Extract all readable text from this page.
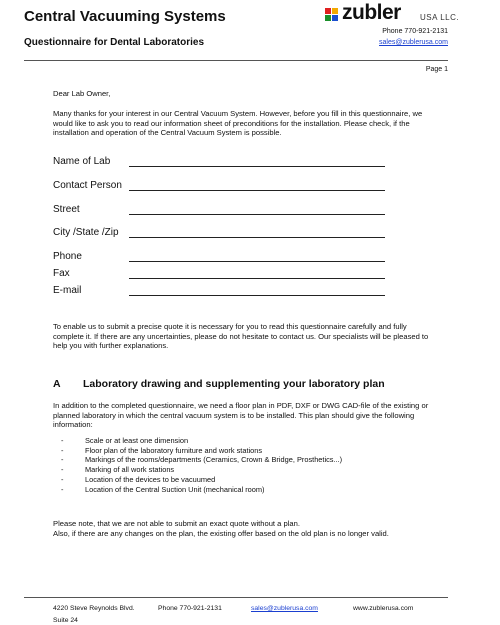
Central Vacuuming Systems
Questionnaire for Dental Laboratories
zubler USA LLC.
Phone 770-921-2131
sales@zublerusa.com
Page 1
Dear Lab Owner,
Many thanks for your interest in our Central Vacuum System. However, before you fill in this questionnaire, we would like to ask you to read our information sheet of preconditions for the installation. Please check, if the installation and operation of the Central Vacuum System is possible.
Name of Lab
Contact Person
Street
City /State /Zip
Phone
Fax
E-mail
To enable us to submit a precise quote it is necessary for you to read this questionnaire carefully and fully complete it. If there are any uncertainties, please do not hesitate to contact us. Our specialists will be pleased to help you with further explanations.
A Laboratory drawing and supplementing your laboratory plan
In addition to the completed questionnaire, we need a floor plan in PDF, DXF or DWG CAD-file of the existing or planned laboratory in which the central vacuum system is to be installed. This plan should give the following information:
-	Scale or at least one dimension
-	Floor plan of the laboratory furniture and work stations
-	Markings of the rooms/departments (Ceramics, Crown & Bridge, Prosthetics...)
-	Marking of all work stations
-	Location of the devices to be vacuumed
-	Location of the Central Suction Unit (mechanical room)
Please note, that we are not able to submit an exact quote without a plan.
Also, if there are any changes on the plan, the existing offer based on the old plan is no longer valid.
4220 Steve Reynolds Blvd.
Suite 24
Phone 770-921-2131	sales@zublerusa.com	www.zublerusa.com
